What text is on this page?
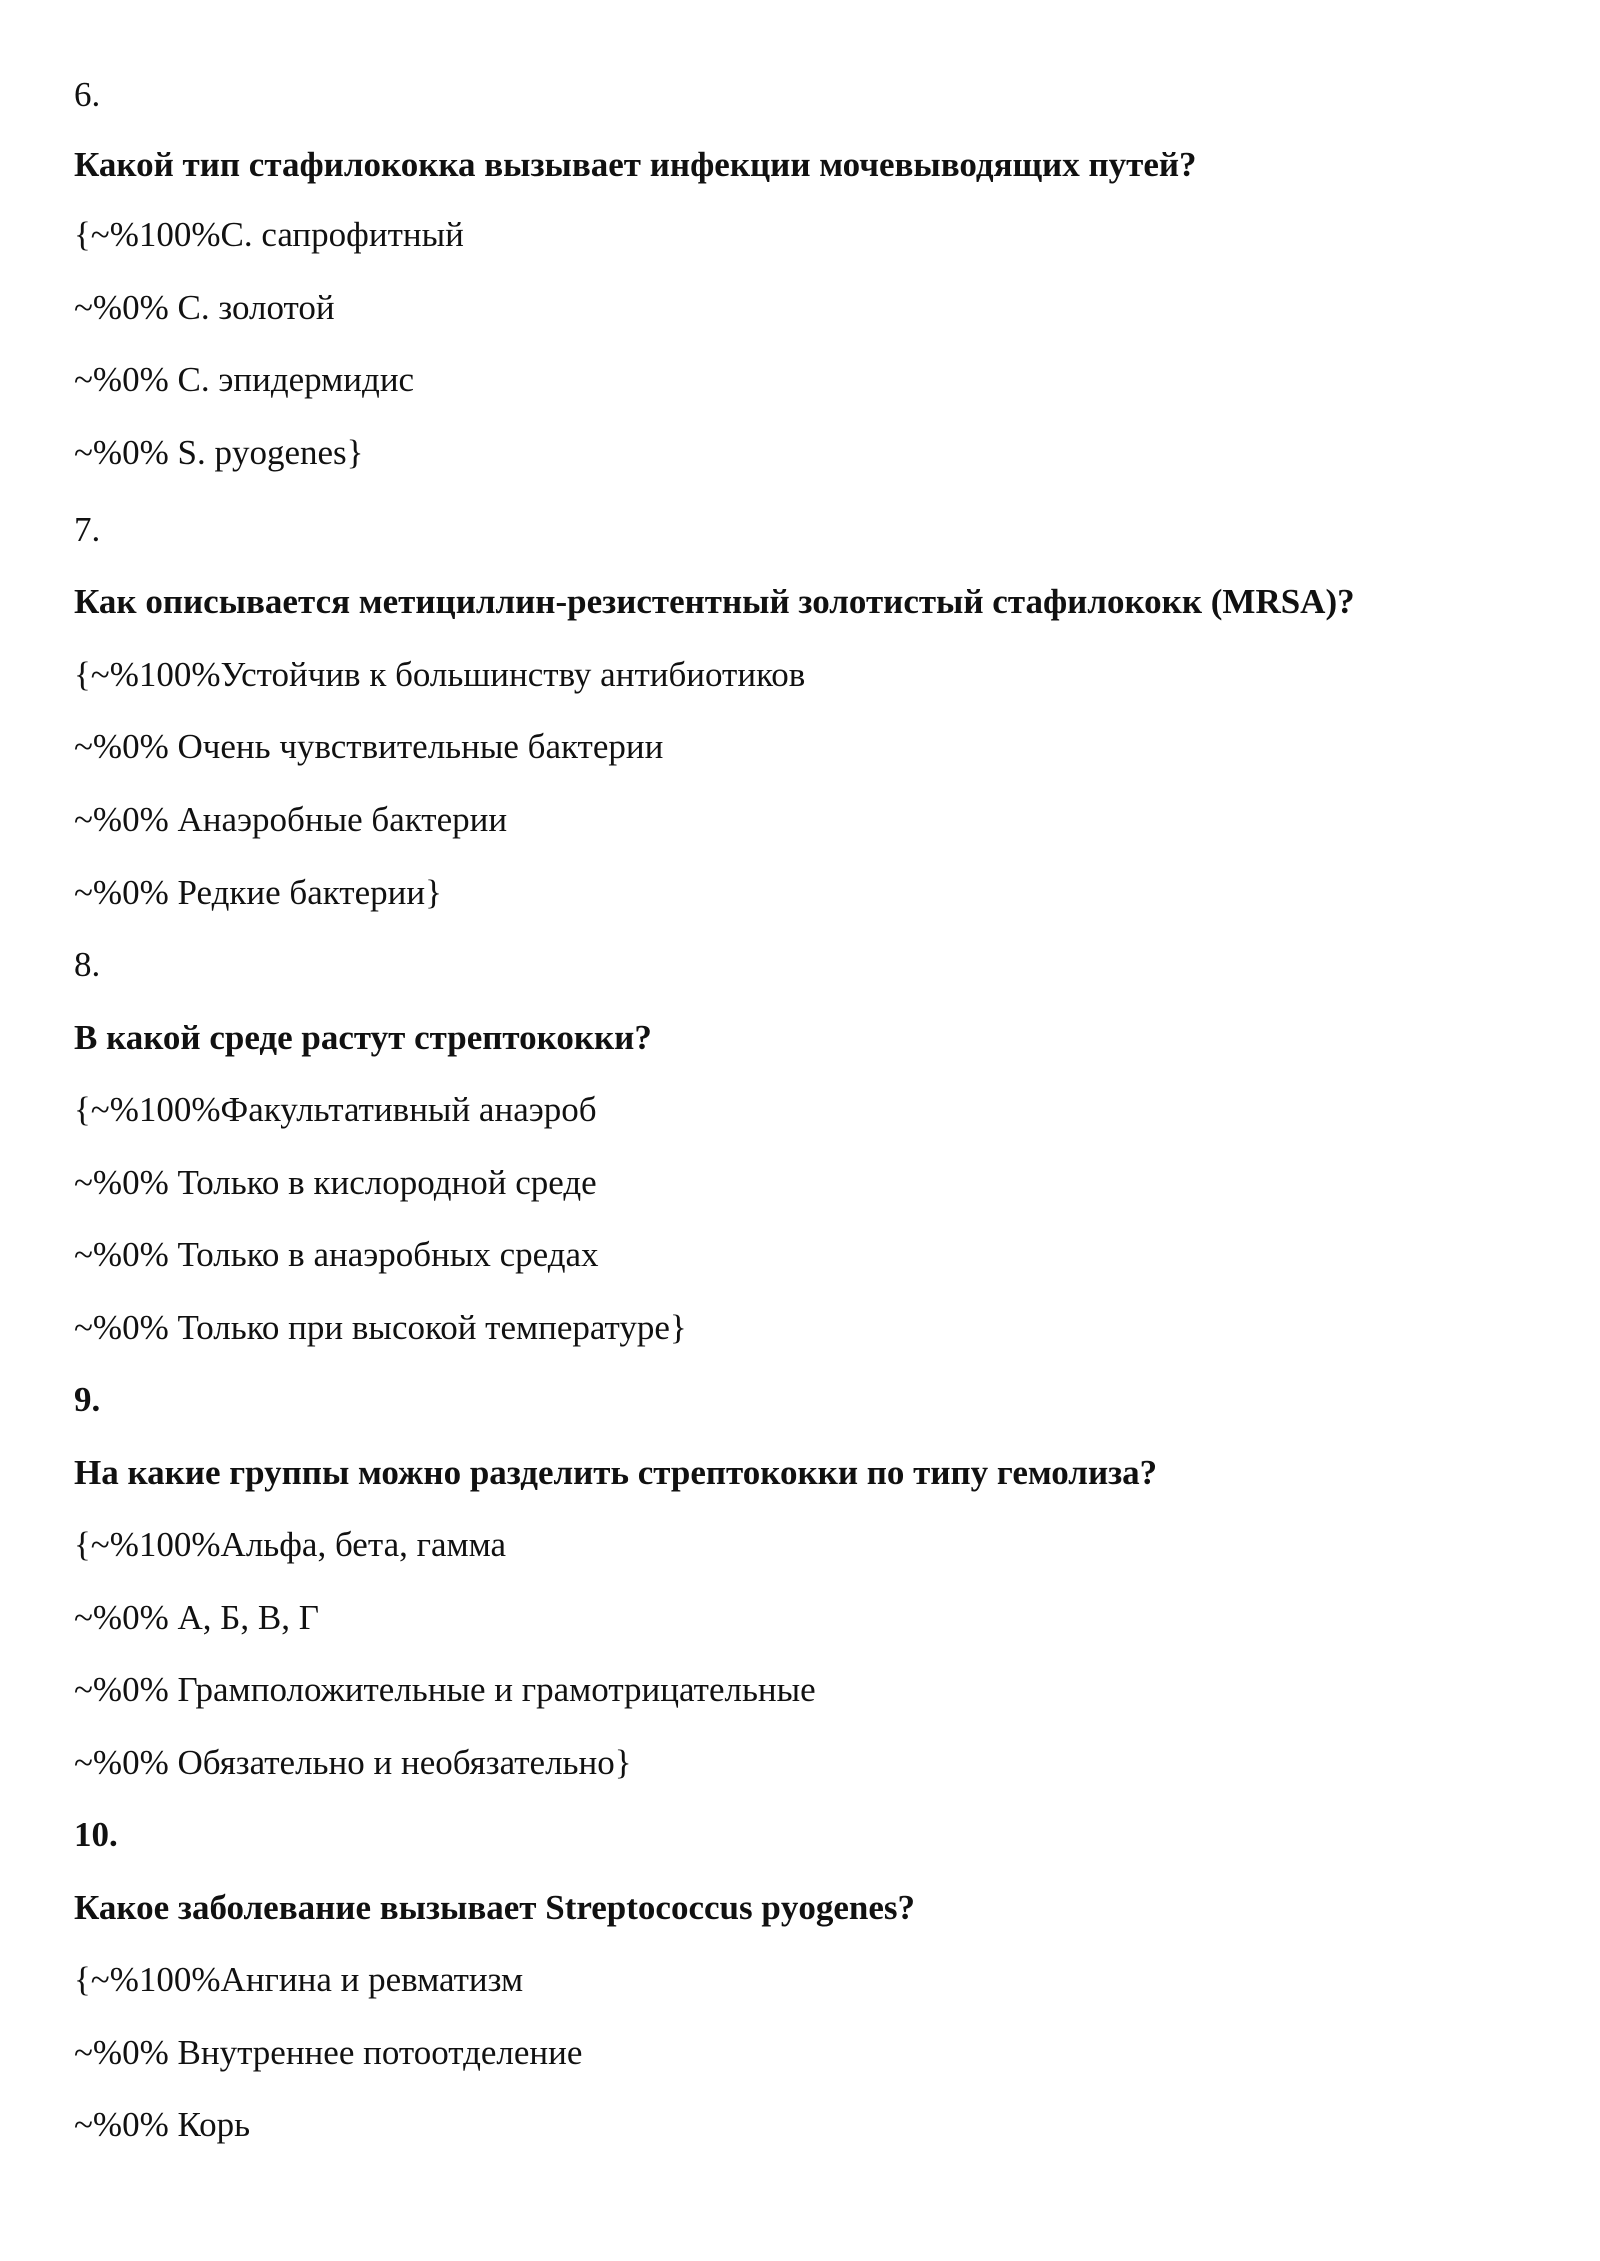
6.
Какой тип стафилококка вызывает инфекции мочевыводящих путей?
{~%100%С. сапрофитный
~%0% С. золотой
~%0% С. эпидермидис
~%0% S. pyogenes}
7.
Как описывается метициллин-резистентный золотистый стафилококк (MRSA)?
{~%100%Устойчив к большинству антибиотиков
~%0% Очень чувствительные бактерии
~%0% Анаэробные бактерии
~%0% Редкие бактерии}
8.
В какой среде растут стрептококки?
{~%100%Факультативный анаэроб
~%0% Только в кислородной среде
~%0% Только в анаэробных средах
~%0% Только при высокой температуре}
9.
На какие группы можно разделить стрептококки по типу гемолиза?
{~%100%Альфа, бета, гамма
~%0% А, Б, В, Г
~%0% Грамположительные и грамотрицательные
~%0% Обязательно и необязательно}
10.
Какое заболевание вызывает Streptococcus pyogenes?
{~%100%Ангина и ревматизм
~%0% Внутреннее потоотделение
~%0% Корь
